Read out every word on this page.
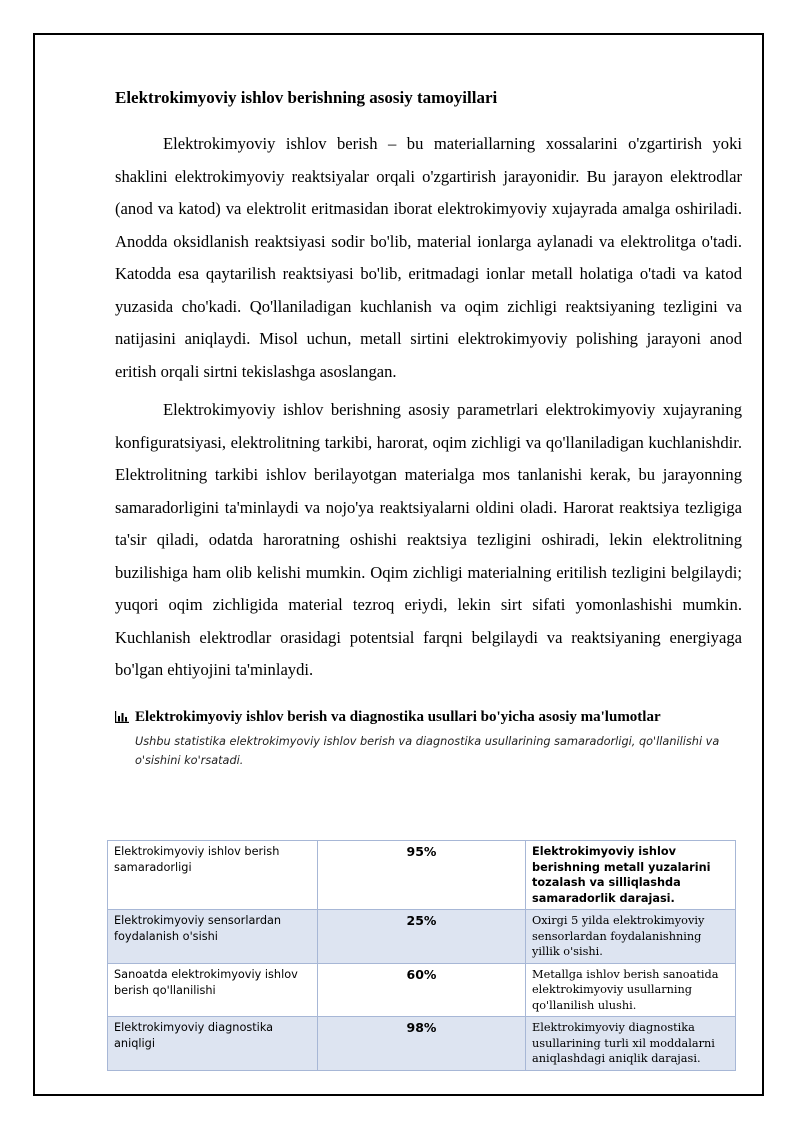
Elektrokimyoviy ishlov berishning asosiy tamoyillari

Elektrokimyoviy ishlov berish – bu materiallarning xossalarini o'zgartirish yoki shaklini elektrokimyoviy reaktsiyalar orqali o'zgartirish jarayonidir. Bu jarayon elektrodlar (anod va katod) va elektrolit eritmasidan iborat elektrokimyoviy xujayrada amalga oshiriladi. Anodda oksidlanish reaktsiyasi sodir bo'lib, material ionlarga aylanadi va elektrolitga o'tadi. Katodda esa qaytarilish reaktsiyasi bo'lib, eritmadagi ionlar metall holatiga o'tadi va katod yuzasida cho'kadi. Qo'llaniladigan kuchlanish va oqim zichligi reaktsiyaning tezligini va natijasini aniqlaydi. Misol uchun, metall sirtini elektrokimyoviy polishing jarayoni anod eritish orqali sirtni tekislashga asoslangan.

Elektrokimyoviy ishlov berishning asosiy parametrlari elektrokimyoviy xujayraning konfiguratsiyasi, elektrolitning tarkibi, harorat, oqim zichligi va qo'llaniladigan kuchlanishdir. Elektrolitning tarkibi ishlov berilayotgan materialga mos tanlanishi kerak, bu jarayonning samaradorligini ta'minlaydi va nojo'ya reaktsiyalarni oldini oladi. Harorat reaktsiya tezligiga ta'sir qiladi, odatda haroratning oshishi reaktsiya tezligini oshiradi, lekin elektrolitning buzilishiga ham olib kelishi mumkin. Oqim zichligi materialning eritilish tezligini belgilaydi; yuqori oqim zichligida material tezroq eriydi, lekin sirt sifati yomonlashishi mumkin. Kuchlanish elektrodlar orasidagi potentsial farqni belgilaydi va reaktsiyaning energiyaga bo'lgan ehtiyojini ta'minlaydi.

Elektrokimyoviy ishlov berish va diagnostika usullari bo'yicha asosiy ma'lumotlar
Ushbu statistika elektrokimyoviy ishlov berish va diagnostika usullarining samaradorligi, qo'llanilishi va o'sishini ko'rsatadi.
Elektrokimyoviy ishlov berish samaradorligi	95%	Elektrokimyoviy ishlov berishning metall yuzalarini tozalash va silliqlashda samaradorlik darajasi.
Elektrokimyoviy sensorlardan foydalanish o'sishi	25%	Oxirgi 5 yilda elektrokimyoviy sensorlardan foydalanishning yillik o'sishi.
Sanoatda elektrokimyoviy ishlov berish qo'llanilishi	60%	Metallga ishlov berish sanoatida elektrokimyoviy usullarning qo'llanilish ulushi.
Elektrokimyoviy diagnostika aniqligi	98%	Elektrokimyoviy diagnostika usullarining turli xil moddalarni aniqlashdagi aniqlik darajasi.
